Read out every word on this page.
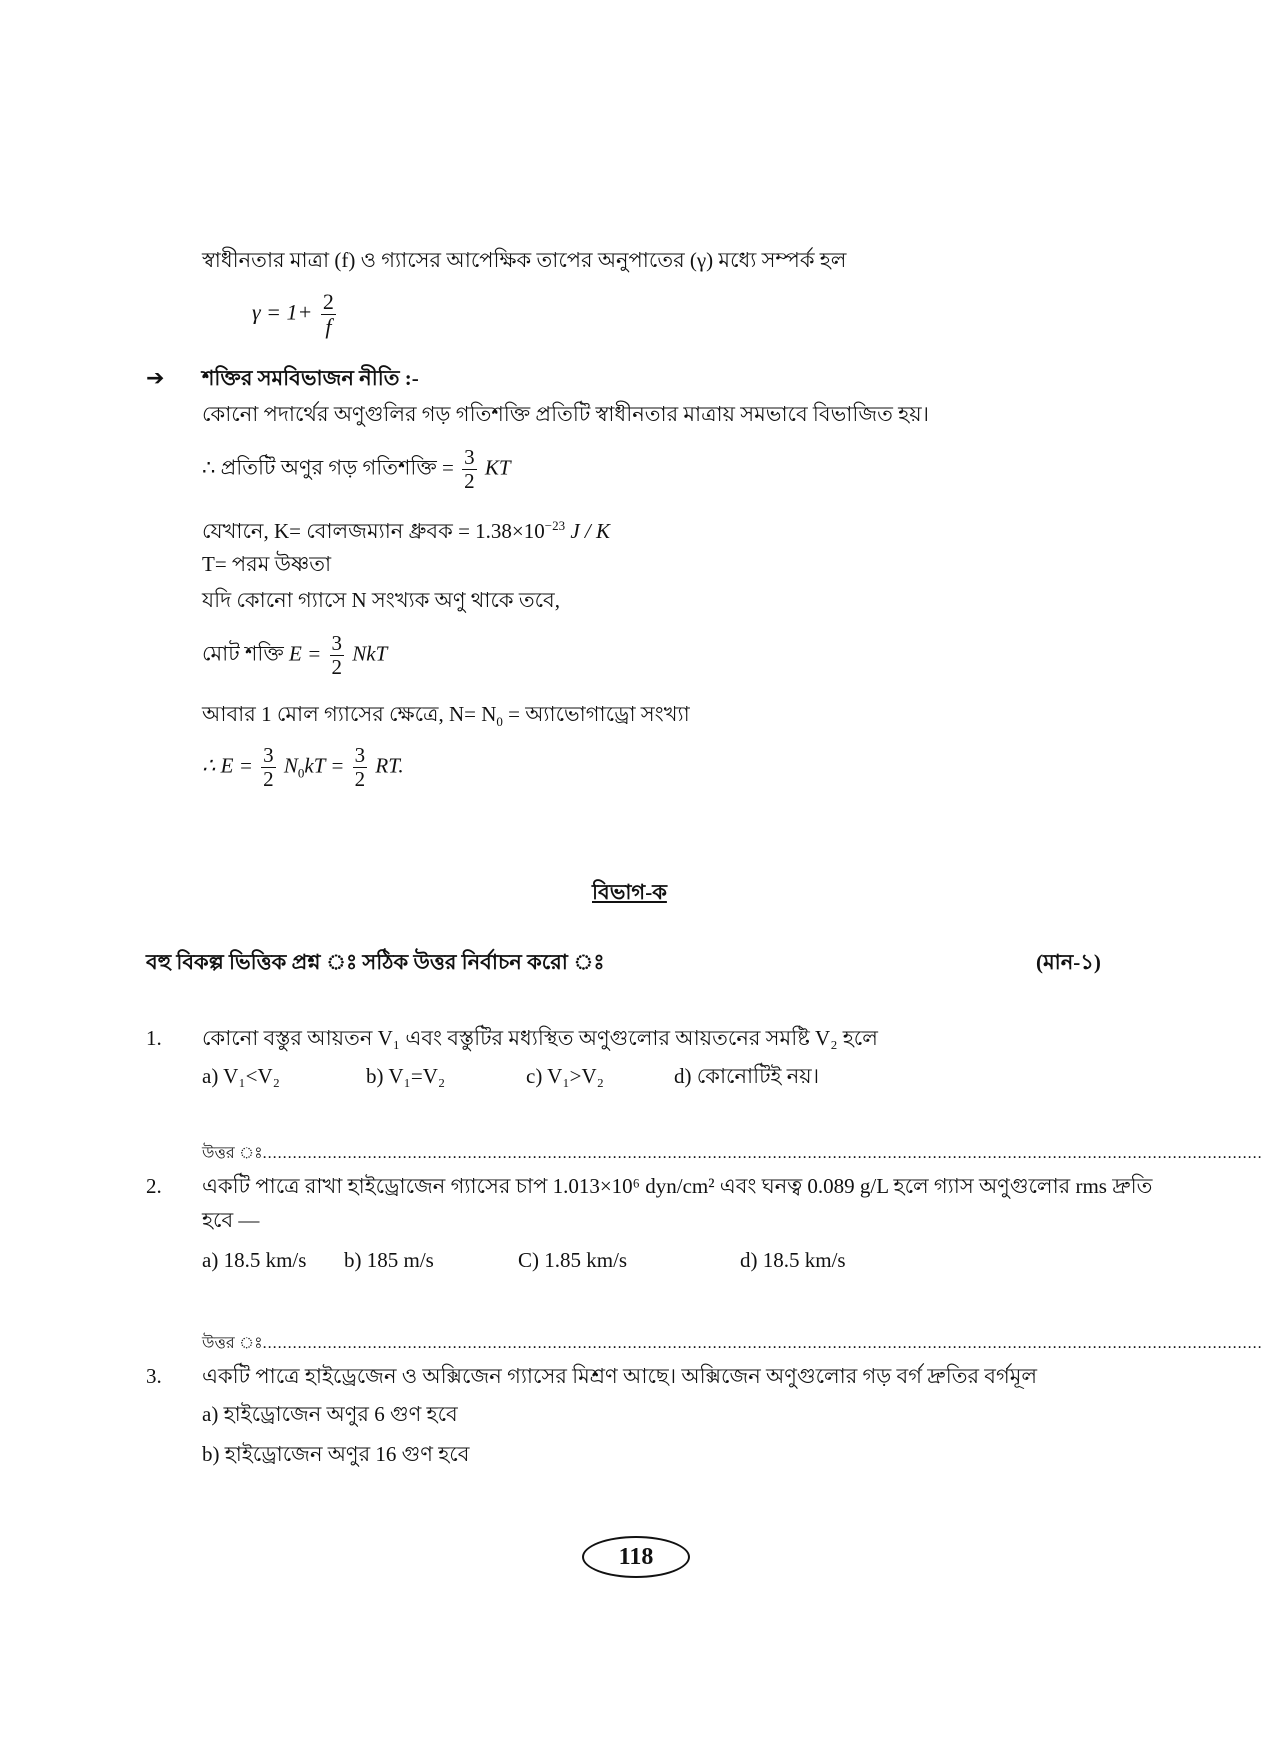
স্বাধীনতার মাত্রা (f) ও গ্যাসের আপেক্ষিক তাপের অনুপাতের (γ) মধ্যে সম্পর্ক হল
$\gamma = 1+ \frac{2}{f}$
➔ শক্তির সমবিভাজন নীতি :-
কোনো পদার্থের অণুগুলির গড় গতিশক্তি প্রতিটি স্বাধীনতার মাত্রায় সমভাবে বিভাজিত হয়।
∴ প্রতিটি অণুর গড় গতিশক্তি = $\frac{3}{2}$ KT
যেখানে, K= বোলজম্যান ধ্রুবক = $1.38\times 10^{-23}$ J / K
T= পরম উষ্ণতা
যদি কোনো গ্যাসে N সংখ্যক অণু থাকে তবে,
মোট শক্তি $E = \frac{3}{2}$ NkT
আবার 1 মোল গ্যাসের ক্ষেত্রে, $N= N_0$ = অ্যাভোগাড্রো সংখ্যা
∴ $E = \frac{3}{2} N_0kT = \frac{3}{2}$ RT.
বিভাগ-ক
বহু বিকল্প ভিত্তিক প্রশ্ন ঃ সঠিক উত্তর নির্বাচন করো ঃ	(মান-১)
1. কোনো বস্তুর আয়তন V₁ এবং বস্তুটির মধ্যস্থিত অণুগুলোর আয়তনের সমষ্টি V₂ হলে
a) V₁<V₂	b) V₁=V₂	c) V₁>V₂	d) কোনোটিই নয়।
উত্তর ঃ........................................................................................................................................................................................................
2. একটি পাত্রে রাখা হাইড্রোজেন গ্যাসের চাপ 1.013×10⁶ dyn/cm² এবং ঘনত্ব 0.089 g/L হলে গ্যাস অণুগুলোর rms দ্রুতি
হবে —
a) 18.5 km/s b) 185 m/s	C) 1.85 km/s	d) 18.5 km/s
উত্তর ঃ........................................................................................................................................................................................................
3. একটি পাত্রে হাইড্রেজেন ও অক্সিজেন গ্যাসের মিশ্রণ আছে। অক্সিজেন অণুগুলোর গড় বর্গ দ্রুতির বর্গমূল
a) হাইড্রোজেন অণুর 6 গুণ হবে
b) হাইড্রোজেন অণুর 16 গুণ হবে
118
